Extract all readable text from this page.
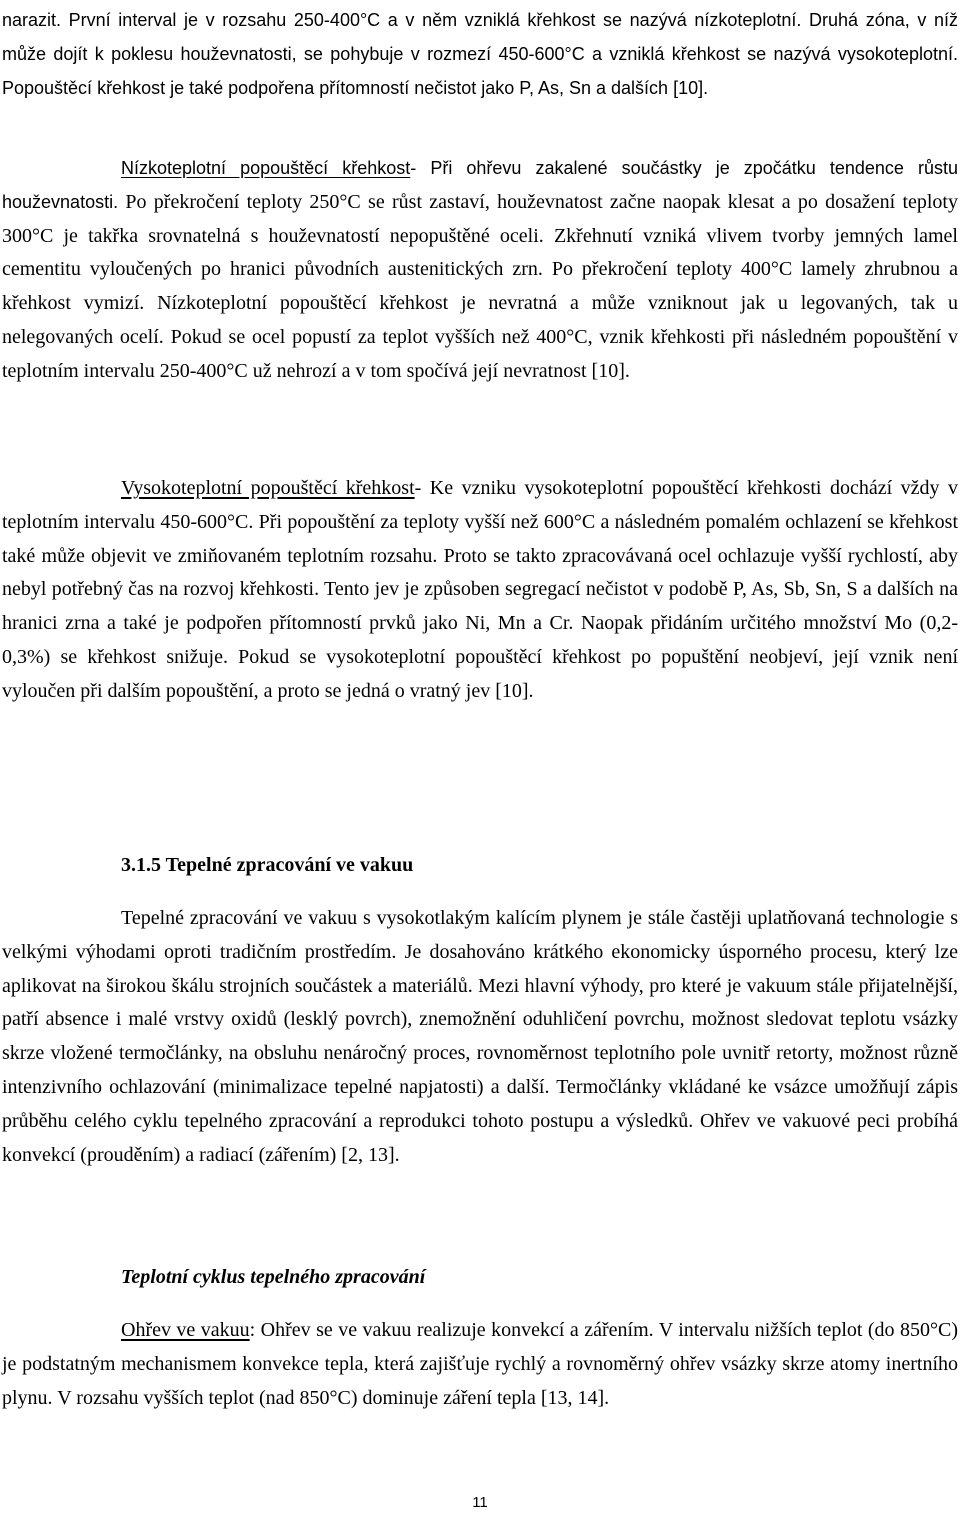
narazit. První interval je v rozsahu 250-400°C a v něm vzniklá křehkost se nazývá nízkoteplotní. Druhá zóna, v níž může dojít k poklesu houževnatosti, se pohybuje v rozmezí 450-600°C a vzniklá křehkost se nazývá vysokoteplotní. Popouštěcí křehkost je také podpořena přítomností nečistot jako P, As, Sn a dalších [10].

Nízkoteplotní popouštěcí křehkost- Při ohřevu zakalené součástky je zpočátku tendence růstu houževnatosti. Po překročení teploty 250°C se růst zastaví, houževnatost začne naopak klesat a po dosažení teploty 300°C je takřka srovnatelná s houževnatostí nepopuštěné oceli. Zkřehnutí vzniká vlivem tvorby jemných lamel cementitu vyloučených po hranici původních austenitických zrn. Po překročení teploty 400°C lamely zhrubnou a křehkost vymizí. Nízkoteplotní popouštěcí křehkost je nevratná a může vzniknout jak u legovaných, tak u nelegovaných ocelí. Pokud se ocel popustí za teplot vyšších než 400°C, vznik křehkosti při následném popouštění v teplotním intervalu 250-400°C už nehrozí a v tom spočívá její nevratnost [10].

Vysokoteplotní popouštěcí křehkost- Ke vzniku vysokoteplotní popouštěcí křehkosti dochází vždy v teplotním intervalu 450-600°C. Při popouštění za teploty vyšší než 600°C a následném pomalém ochlazení se křehkost také může objevit ve zmiňovaném teplotním rozsahu. Proto se takto zpracovávaná ocel ochlazuje vyšší rychlostí, aby nebyl potřebný čas na rozvoj křehkosti. Tento jev je způsoben segregací nečistot v podobě P, As, Sb, Sn, S a dalších na hranici zrna a také je podpořen přítomností prvků jako Ni, Mn a Cr. Naopak přidáním určitého množství Mo (0,2-0,3%) se křehkost snižuje. Pokud se vysokoteplotní popouštěcí křehkost po popuštění neobjeví, její vznik není vyloučen při dalším popouštění, a proto se jedná o vratný jev [10].

3.1.5 Tepelné zpracování ve vakuu

Tepelné zpracování ve vakuu s vysokotlakým kalícím plynem je stále častěji uplatňovaná technologie s velkými výhodami oproti tradičním prostředím. Je dosahováno krátkého ekonomicky úsporného procesu, který lze aplikovat na širokou škálu strojních součástek a materiálů. Mezi hlavní výhody, pro které je vakuum stále přijatelnější, patří absence i malé vrstvy oxidů (lesklý povrch), znemožnění oduhličení povrchu, možnost sledovat teplotu vsázky skrze vložené termočlánky, na obsluhu nenáročný proces, rovnoměrnost teplotního pole uvnitř retorty, možnost různě intenzivního ochlazování (minimalizace tepelné napjatosti) a další. Termočlánky vkládané ke vsázce umožňují zápis průběhu celého cyklu tepelného zpracování a reprodukci tohoto postupu a výsledků. Ohřev ve vakuové peci probíhá konvekcí (prouděním) a radiací (zářením) [2, 13].

Teplotní cyklus tepelného zpracování

Ohřev ve vakuu: Ohřev se ve vakuu realizuje konvekcí a zářením. V intervalu nižších teplot (do 850°C) je podstatným mechanismem konvekce tepla, která zajišťuje rychlý a rovnoměrný ohřev vsázky skrze atomy inertního plynu. V rozsahu vyšších teplot (nad 850°C) dominuje záření tepla [13, 14].

11
